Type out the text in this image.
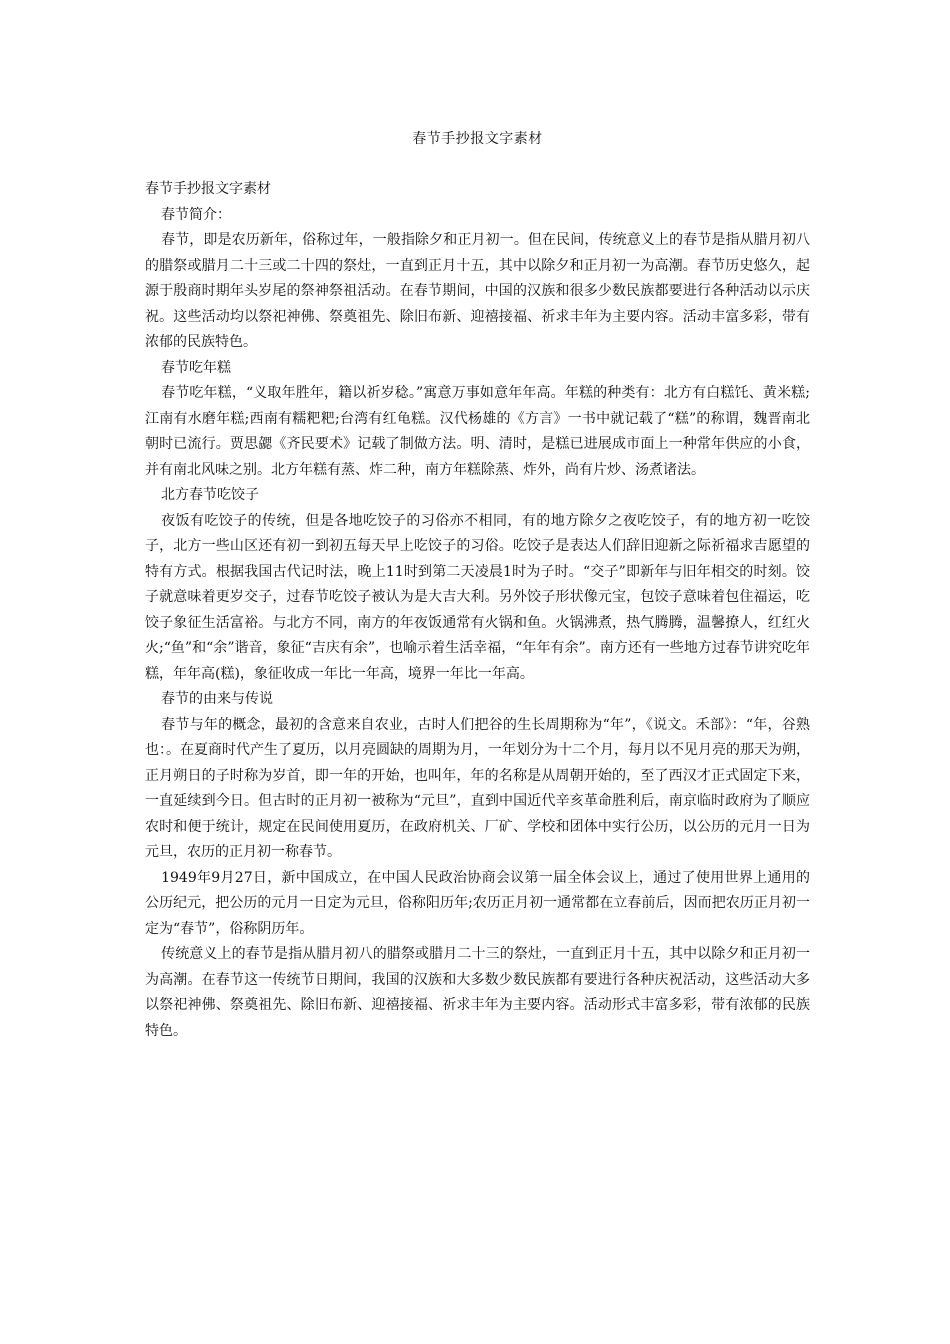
春节手抄报文字素材

春节手抄报文字素材

春节简介：

春节，即是农历新年，俗称过年，一般指除夕和正月初一。但在民间，传统意义上的春节是指从腊月初八的腊祭或腊月二十三或二十四的祭灶，一直到正月十五，其中以除夕和正月初一为高潮。春节历史悠久，起源于殷商时期年头岁尾的祭神祭祖活动。在春节期间，中国的汉族和很多少数民族都要进行各种活动以示庆祝。这些活动均以祭祀神佛、祭奠祖先、除旧布新、迎禧接福、祈求丰年为主要内容。活动丰富多彩，带有浓郁的民族特色。

春节吃年糕

春节吃年糕，“义取年胜年，籍以祈岁稔。”寓意万事如意年年高。年糕的种类有：北方有白糕饦、黄米糕;江南有水磨年糕;西南有糯粑粑;台湾有红龟糕。汉代杨雄的《方言》一书中就记载了“糕”的称谓，魏晋南北朝时已流行。贾思勰《齐民要术》记载了制做方法。明、清时，是糕已进展成市面上一种常年供应的小食，并有南北风味之别。北方年糕有蒸、炸二种，南方年糕除蒸、炸外，尚有片炒、汤煮诸法。

北方春节吃饺子

夜饭有吃饺子的传统，但是各地吃饺子的习俗亦不相同，有的地方除夕之夜吃饺子，有的地方初一吃饺子，北方一些山区还有初一到初五每天早上吃饺子的习俗。吃饺子是表达人们辞旧迎新之际祈福求吉愿望的特有方式。根据我国古代记时法，晚上11时到第二天凌晨1时为子时。“交子”即新年与旧年相交的时刻。饺子就意味着更岁交子，过春节吃饺子被认为是大吉大利。另外饺子形状像元宝，包饺子意味着包住福运，吃饺子象征生活富裕。与北方不同，南方的年夜饭通常有火锅和鱼。火锅沸煮，热气腾腾，温馨撩人，红红火火;“鱼”和“余”谐音，象征“吉庆有余”，也喻示着生活幸福，“年年有余”。南方还有一些地方过春节讲究吃年糕，年年高(糕)，象征收成一年比一年高，境界一年比一年高。

春节的由来与传说

春节与年的概念，最初的含意来自农业，古时人们把谷的生长周期称为“年”，《说文。禾部》：“年，谷熟也：。在夏商时代产生了夏历，以月亮圆缺的周期为月，一年划分为十二个月，每月以不见月亮的那天为朔，正月朔日的子时称为岁首，即一年的开始，也叫年，年的名称是从周朝开始的，至了西汉才正式固定下来，一直延续到今日。但古时的正月初一被称为“元旦”，直到中国近代辛亥革命胜利后，南京临时政府为了顺应农时和便于统计，规定在民间使用夏历，在政府机关、厂矿、学校和团体中实行公历，以公历的元月一日为元旦，农历的正月初一称春节。

1949年9月27日，新中国成立，在中国人民政治协商会议第一届全体会议上，通过了使用世界上通用的公历纪元，把公历的元月一日定为元旦，俗称阳历年;农历正月初一通常都在立春前后，因而把农历正月初一定为“春节”，俗称阴历年。

传统意义上的春节是指从腊月初八的腊祭或腊月二十三的祭灶，一直到正月十五，其中以除夕和正月初一为高潮。在春节这一传统节日期间，我国的汉族和大多数少数民族都有要进行各种庆祝活动，这些活动大多以祭祀神佛、祭奠祖先、除旧布新、迎禧接福、祈求丰年为主要内容。活动形式丰富多彩，带有浓郁的民族特色。
